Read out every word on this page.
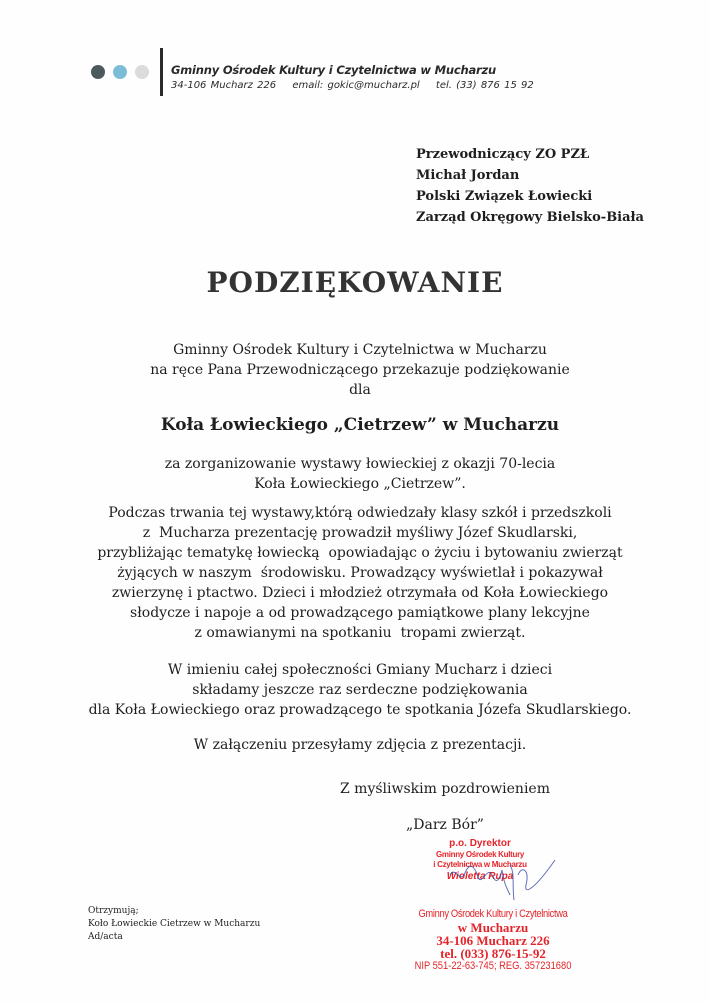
Gminny Ośrodek Kultury i Czytelnictwa w Mucharzu
34-106 Mucharz 226 email: gokic@mucharz.pl tel. (33) 876 15 92
Przewodniczący ZO PZŁ
Michał Jordan
Polski Związek Łowiecki
Zarząd Okręgowy Bielsko-Biała
PODZIĘKOWANIE
Gminny Ośrodek Kultury i Czytelnictwa w Mucharzu
na ręce Pana Przewodniczącego przekazuje podziękowanie
dla
Koła Łowieckiego „Cietrzew” w Mucharzu
za zorganizowanie wystawy łowieckiej z okazji 70-lecia
Koła Łowieckiego „Cietrzew”.
Podczas trwania tej wystawy,którą odwiedzały klasy szkół i przedszkoli
z  Mucharza prezentację prowadził myśliwy Józef Skudlarski,
przybliżając tematykę łowiecką  opowiadając o życiu i bytowaniu zwierząt
żyjących w naszym  środowisku. Prowadzący wyświetlał i pokazywał
zwierzynę i ptactwo. Dzieci i młodzież otrzymała od Koła Łowieckiego
słodycze i napoje a od prowadzącego pamiątkowe plany lekcyjne
z omawianymi na spotkaniu  tropami zwierząt.
W imieniu całej społeczności Gmiany Mucharz i dzieci
składamy jeszcze raz serdeczne podziękowania
dla Koła Łowieckiego oraz prowadzącego te spotkania Józefa Skudlarskiego.
W załączeniu przesyłamy zdjęcia z prezentacji.
Z myśliwskim pozdrowieniem
„Darz Bór”
p.o. Dyrektor
Gminny Ośrodek Kultury
i Czytelnictwa w Mucharzu
Wioletta Rupa
Gminny Ośrodek Kultury i Czytelnictwa
w Mucharzu
34-106 Mucharz 226
tel. (033) 876-15-92
NIP 551-22-63-745; REG. 357231680
Otrzymują;
Koło Łowieckie Cietrzew w Mucharzu
Ad/acta
